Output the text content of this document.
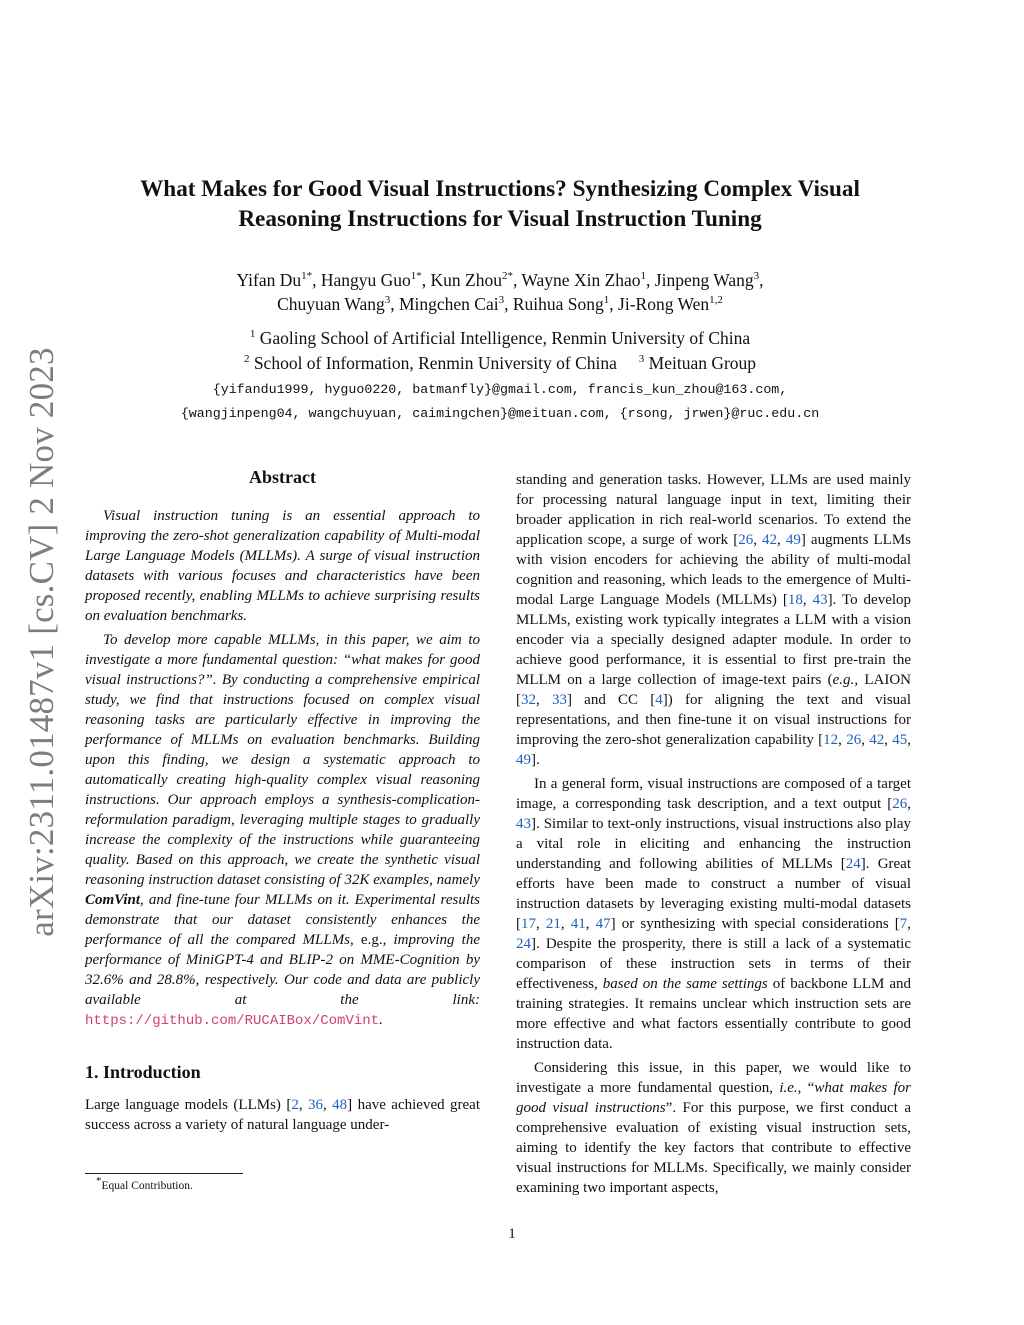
arXiv:2311.01487v1 [cs.CV] 2 Nov 2023
What Makes for Good Visual Instructions? Synthesizing Complex Visual
Reasoning Instructions for Visual Instruction Tuning
Yifan $Du^{1*}$, Hangyu Guo$^{1*}$, Kun Zhou$^{2*}$, Wayne Xin Zhao$^1$, Jinpeng Wang$^3$,
Chuyuan Wang$^3$, Mingchen Cai$^3$, Ruihua Song$^1$, Ji-Rong Wen$^{1,2}$
$^1$ Gaoling School of Artificial Intelligence, Renmin University of China
$^2$ School of Information, Renmin University of China $^3$ Meituan Group
{yifandu1999, hyguo0220, batmanfly}@gmail.com, francis_kun_zhou@163.com,
{wangjinpeng04, wangchuyuan, caimingchen}@meituan.com, {rsong, jrwen}@ruc.edu.cn
Abstract

Visual instruction tuning is an essential approach to improving the zero-shot generalization capability of Multi-modal Large Language Models (MLLMs). A surge of visual instruction datasets with various focuses and characteristics have been proposed recently, enabling MLLMs to achieve surprising results on evaluation benchmarks.

To develop more capable MLLMs, in this paper, we aim to investigate a more fundamental question: “what makes for good visual instructions?”. By conducting a comprehensive empirical study, we find that instructions focused on complex visual reasoning tasks are particularly effective in improving the performance of MLLMs on evaluation benchmarks. Building upon this finding, we design a systematic approach to automatically creating high-quality complex visual reasoning instructions. Our approach employs a synthesis-complication-reformulation paradigm, leveraging multiple stages to gradually increase the complexity of the instructions while guaranteeing quality. Based on this approach, we create the synthetic visual reasoning instruction dataset consisting of 32K examples, namely ComVint, and fine-tune four MLLMs on it. Experimental results demonstrate that our dataset consistently enhances the performance of all the compared MLLMs, e.g., improving the performance of MiniGPT-4 and BLIP-2 on MME-Cognition by 32.6% and 28.8%, respectively. Our code and data are publicly available at the link: https://github.com/RUCAIBox/ComVint.

1. Introduction

Large language models (LLMs) [2, 36, 48] have achieved great success across a variety of natural language under-

standing and generation tasks. However, LLMs are used mainly for processing natural language input in text, limiting their broader application in rich real-world scenarios. To extend the application scope, a surge of work [26, 42, 49] augments LLMs with vision encoders for achieving the ability of multi-modal cognition and reasoning, which leads to the emergence of Multi-modal Large Language Models (MLLMs) [18, 43]. To develop MLLMs, existing work typically integrates a LLM with a vision encoder via a specially designed adapter module. In order to achieve good performance, it is essential to first pre-train the MLLM on a large collection of image-text pairs (e.g., LAION [32, 33] and CC [4]) for aligning the text and visual representations, and then fine-tune it on visual instructions for improving the zero-shot generalization capability [12, 26, 42, 45, 49].

In a general form, visual instructions are composed of a target image, a corresponding task description, and a text output [26, 43]. Similar to text-only instructions, visual instructions also play a vital role in eliciting and enhancing the instruction understanding and following abilities of MLLMs [24]. Great efforts have been made to construct a number of visual instruction datasets by leveraging existing multi-modal datasets [17, 21, 41, 47] or synthesizing with special considerations [7, 24]. Despite the prosperity, there is still a lack of a systematic comparison of these instruction sets in terms of their effectiveness, based on the same settings of backbone LLM and training strategies. It remains unclear which instruction sets are more effective and what factors essentially contribute to good instruction data.

Considering this issue, in this paper, we would like to investigate a more fundamental question, i.e., “what makes for good visual instructions”. For this purpose, we first conduct a comprehensive evaluation of existing visual instruction sets, aiming to identify the key factors that contribute to effective visual instructions for MLLMs. Specifically, we mainly consider examining two important aspects,

*Equal Contribution.
1
